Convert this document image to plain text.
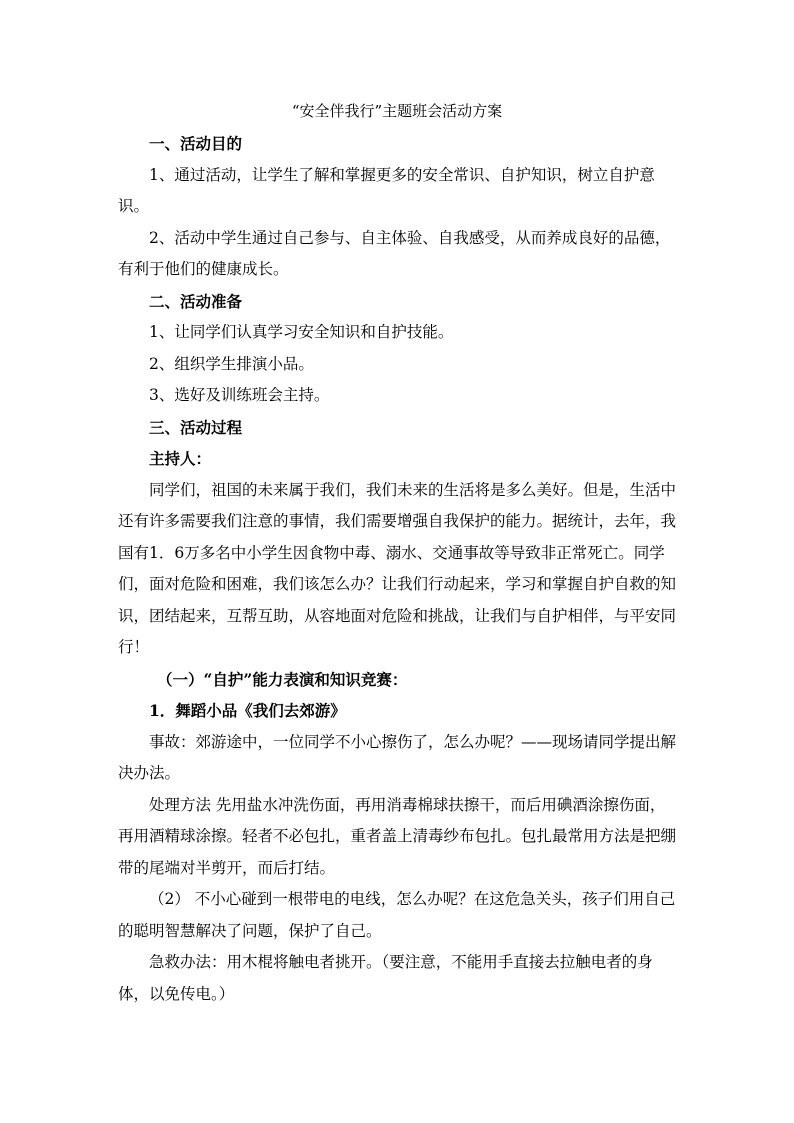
“安全伴我行”主题班会活动方案

一、活动目的

1、通过活动，让学生了解和掌握更多的安全常识、自护知识，树立自护意识。

2、活动中学生通过自己参与、自主体验、自我感受，从而养成良好的品德，有利于他们的健康成长。

二、活动准备

1、让同学们认真学习安全知识和自护技能。

2、组织学生排演小品。

3、选好及训练班会主持。

三、活动过程

主持人：

同学们，祖国的未来属于我们，我们未来的生活将是多么美好。但是，生活中还有许多需要我们注意的事情，我们需要增强自我保护的能力。据统计，去年，我国有1．6万多名中小学生因食物中毒、溺水、交通事故等导致非正常死亡。同学们，面对危险和困难，我们该怎么办？让我们行动起来，学习和掌握自护自救的知识，团结起来，互帮互助，从容地面对危险和挑战，让我们与自护相伴，与平安同行！

（一）“自护”能力表演和知识竞赛：

1．舞蹈小品《我们去郊游》

事故：郊游途中，一位同学不小心擦伤了，怎么办呢？——现场请同学提出解决办法。

处理方法 先用盐水冲洗伤面，再用消毒棉球扶擦干，而后用碘酒涂擦伤面，再用酒精球涂擦。轻者不必包扎，重者盖上清毒纱布包扎。包扎最常用方法是把绷带的尾端对半剪开，而后打结。

（2） 不小心碰到一根带电的电线，怎么办呢？在这危急关头，孩子们用自己的聪明智慧解决了问题，保护了自己。

急救办法：用木棍将触电者挑开。（要注意，不能用手直接去拉触电者的身体，以免传电。）
